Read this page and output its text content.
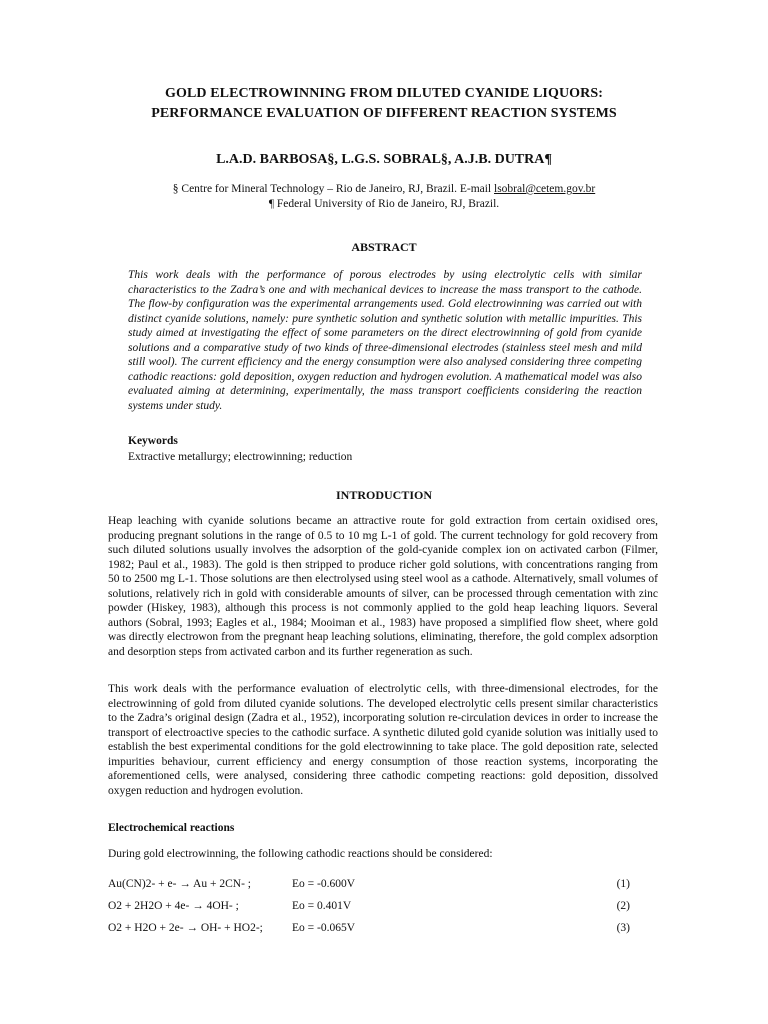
GOLD ELECTROWINNING FROM DILUTED CYANIDE LIQUORS:
PERFORMANCE EVALUATION OF DIFFERENT REACTION SYSTEMS
L.A.D. BARBOSA§, L.G.S. SOBRAL§, A.J.B. DUTRA¶
§ Centre for Mineral Technology – Rio de Janeiro, RJ, Brazil. E-mail lsobral@cetem.gov.br
¶ Federal University of Rio de Janeiro, RJ, Brazil.
ABSTRACT
This work deals with the performance of porous electrodes by using electrolytic cells with similar characteristics to the Zadra’s one and with mechanical devices to increase the mass transport to the cathode. The flow-by configuration was the experimental arrangements used. Gold electrowinning was carried out with distinct cyanide solutions, namely: pure synthetic solution and synthetic solution with metallic impurities. This study aimed at investigating the effect of some parameters on the direct electrowinning of gold from cyanide solutions and a comparative study of two kinds of three-dimensional electrodes (stainless steel mesh and mild still wool). The current efficiency and the energy consumption were also analysed considering three competing cathodic reactions: gold deposition, oxygen reduction and hydrogen evolution. A mathematical model was also evaluated aiming at determining, experimentally, the mass transport coefficients considering the reaction systems under study.
Keywords
Extractive metallurgy; electrowinning; reduction
INTRODUCTION
Heap leaching with cyanide solutions became an attractive route for gold extraction from certain oxidised ores, producing pregnant solutions in the range of 0.5 to 10 mg L-1 of gold. The current technology for gold recovery from such diluted solutions usually involves the adsorption of the gold-cyanide complex ion on activated carbon (Filmer, 1982; Paul et al., 1983). The gold is then stripped to produce richer gold solutions, with concentrations ranging from 50 to 2500 mg L-1. Those solutions are then electrolysed using steel wool as a cathode. Alternatively, small volumes of solutions, relatively rich in gold with considerable amounts of silver, can be processed through cementation with zinc powder (Hiskey, 1983), although this process is not commonly applied to the gold heap leaching liquors. Several authors (Sobral, 1993; Eagles et al., 1984; Mooiman et al., 1983) have proposed a simplified flow sheet, where gold was directly electrowon from the pregnant heap leaching solutions, eliminating, therefore, the gold complex adsorption and desorption steps from activated carbon and its further regeneration as such.
This work deals with the performance evaluation of electrolytic cells, with three-dimensional electrodes, for the electrowinning of gold from diluted cyanide solutions. The developed electrolytic cells present similar characteristics to the Zadra’s original design (Zadra et al., 1952), incorporating solution re-circulation devices in order to increase the transport of electroactive species to the cathodic surface. A synthetic diluted gold cyanide solution was initially used to establish the best experimental conditions for the gold electrowinning to take place. The gold deposition rate, selected impurities behaviour, current efficiency and energy consumption of those reaction systems, incorporating the aforementioned cells, were analysed, considering three cathodic competing reactions: gold deposition, dissolved oxygen reduction and hydrogen evolution.
Electrochemical reactions
During gold electrowinning, the following cathodic reactions should be considered:
Au(CN)2- + e- → Au + 2CN- ;	Eo = -0.600V	(1)
O2 + 2H2O + 4e- → 4OH- ;	Eo = 0.401V	(2)
O2 + H2O + 2e- → OH- + HO2-;	Eo = -0.065V	(3)
